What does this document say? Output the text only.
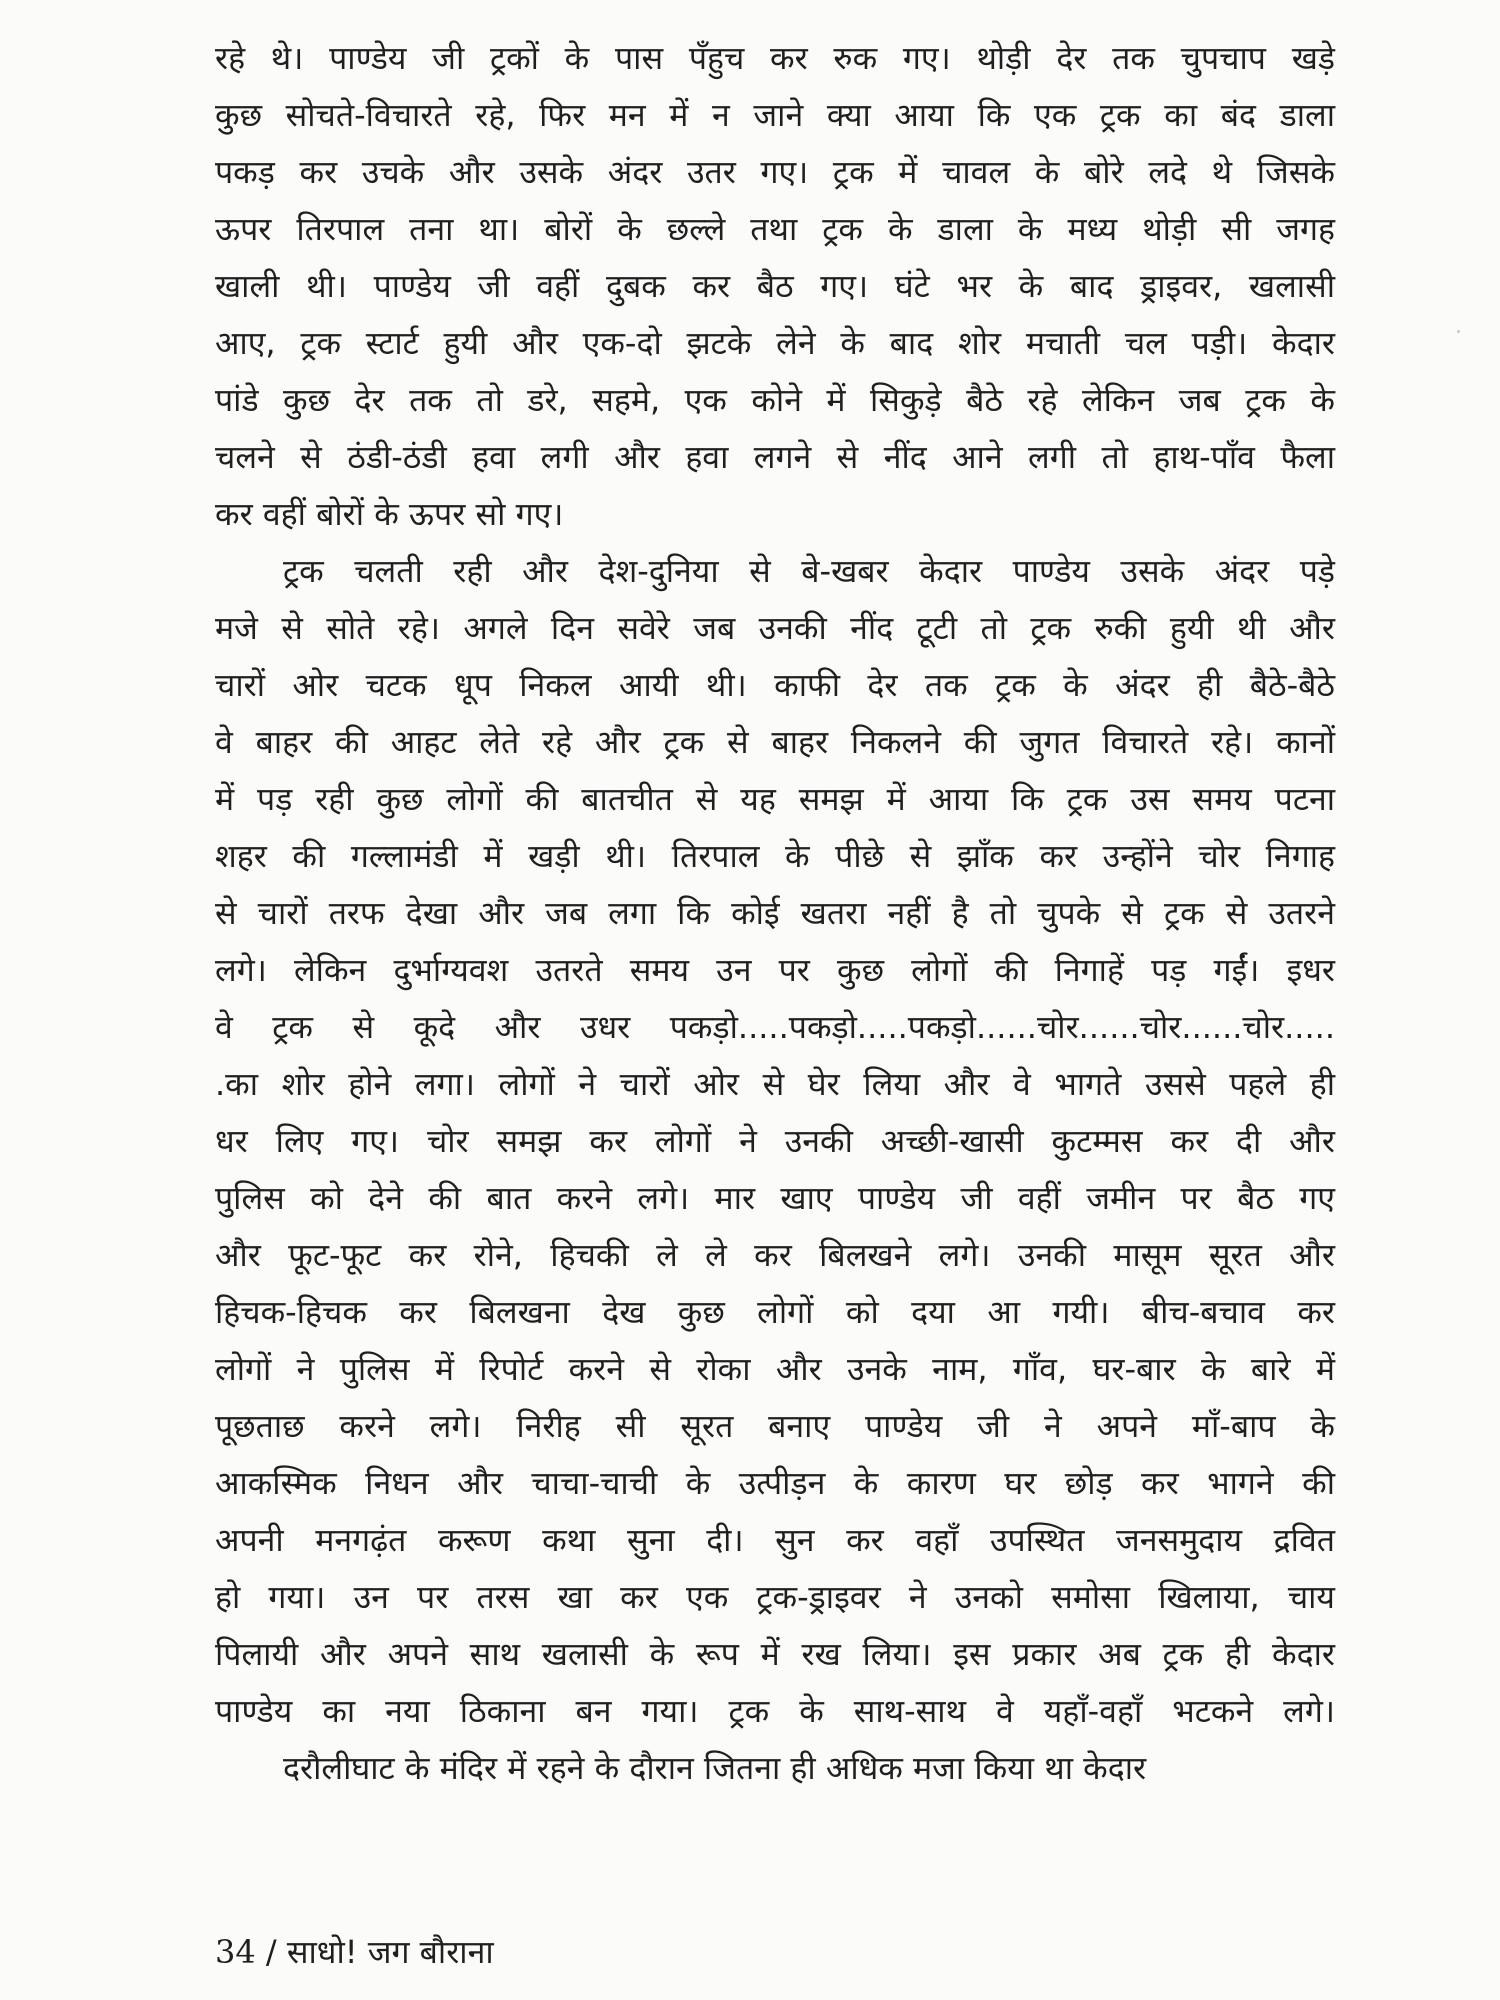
रहे थे। पाण्डेय जी ट्रकों के पास पँहुच कर रुक गए। थोड़ी देर तक चुपचाप खड़े
कुछ सोचते-विचारते रहे, फिर मन में न जाने क्या आया कि एक ट्रक का बंद डाला
पकड़ कर उचके और उसके अंदर उतर गए। ट्रक में चावल के बोरे लदे थे जिसके
ऊपर तिरपाल तना था। बोरों के छल्ले तथा ट्रक के डाला के मध्य थोड़ी सी जगह
खाली थी। पाण्डेय जी वहीं दुबक कर बैठ गए। घंटे भर के बाद ड्राइवर, खलासी
आए, ट्रक स्टार्ट हुयी और एक-दो झटके लेने के बाद शोर मचाती चल पड़ी। केदार
पांडे कुछ देर तक तो डरे, सहमे, एक कोने में सिकुड़े बैठे रहे लेकिन जब ट्रक के
चलने से ठंडी-ठंडी हवा लगी और हवा लगने से नींद आने लगी तो हाथ-पाँव फैला
कर वहीं बोरों के ऊपर सो गए।
ट्रक चलती रही और देश-दुनिया से बे-खबर केदार पाण्डेय उसके अंदर पड़े
मजे से सोते रहे। अगले दिन सवेरे जब उनकी नींद टूटी तो ट्रक रुकी हुयी थी और
चारों ओर चटक धूप निकल आयी थी। काफी देर तक ट्रक के अंदर ही बैठे-बैठे
वे बाहर की आहट लेते रहे और ट्रक से बाहर निकलने की जुगत विचारते रहे। कानों
में पड़ रही कुछ लोगों की बातचीत से यह समझ में आया कि ट्रक उस समय पटना
शहर की गल्लामंडी में खड़ी थी। तिरपाल के पीछे से झाँक कर उन्होंने चोर निगाह
से चारों तरफ देखा और जब लगा कि कोई खतरा नहीं है तो चुपके से ट्रक से उतरने
लगे। लेकिन दुर्भाग्यवश उतरते समय उन पर कुछ लोगों की निगाहें पड़ गईं। इधर
वे ट्रक से कूदे और उधर पकड़ो.....पकड़ो.....पकड़ो......चोर......चोर......चोर.....
.का शोर होने लगा। लोगों ने चारों ओर से घेर लिया और वे भागते उससे पहले ही
धर लिए गए। चोर समझ कर लोगों ने उनकी अच्छी-खासी कुटम्मस कर दी और
पुलिस को देने की बात करने लगे। मार खाए पाण्डेय जी वहीं जमीन पर बैठ गए
और फूट-फूट कर रोने, हिचकी ले ले कर बिलखने लगे। उनकी मासूम सूरत और
हिचक-हिचक कर बिलखना देख कुछ लोगों को दया आ गयी। बीच-बचाव कर
लोगों ने पुलिस में रिपोर्ट करने से रोका और उनके नाम, गाँव, घर-बार के बारे में
पूछताछ करने लगे। निरीह सी सूरत बनाए पाण्डेय जी ने अपने माँ-बाप के
आकस्मिक निधन और चाचा-चाची के उत्पीड़न के कारण घर छोड़ कर भागने की
अपनी मनगढ़ंत करूण कथा सुना दी। सुन कर वहाँ उपस्थित जनसमुदाय द्रवित
हो गया। उन पर तरस खा कर एक ट्रक-ड्राइवर ने उनको समोसा खिलाया, चाय
पिलायी और अपने साथ खलासी के रूप में रख लिया। इस प्रकार अब ट्रक ही केदार
पाण्डेय का नया ठिकाना बन गया। ट्रक के साथ-साथ वे यहाँ-वहाँ भटकने लगे।
दरौलीघाट के मंदिर में रहने के दौरान जितना ही अधिक मजा किया था केदार
34 / साधो! जग बौराना
